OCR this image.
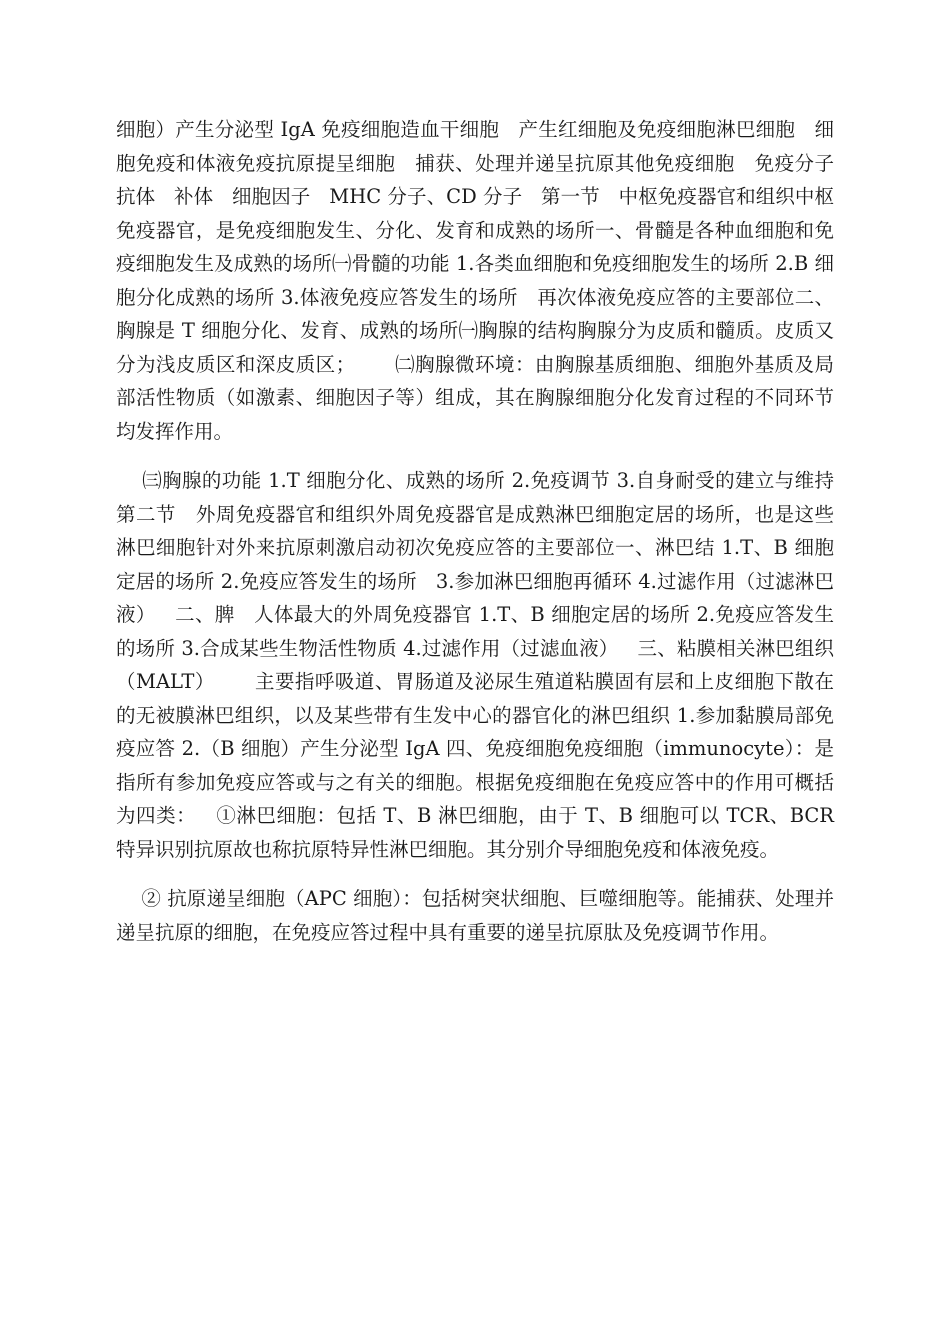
细胞）产生分泌型 IgA 免疫细胞造血干细胞   产生红细胞及免疫细胞淋巴细胞   细胞免疫和体液免疫抗原提呈细胞   捕获、处理并递呈抗原其他免疫细胞   免疫分子抗体   补体   细胞因子   MHC 分子、CD 分子   第一节   中枢免疫器官和组织中枢免疫器官，是免疫细胞发生、分化、发育和成熟的场所一、骨髓是各种血细胞和免疫细胞发生及成熟的场所㈠骨髓的功能 1.各类血细胞和免疫细胞发生的场所 2.B 细胞分化成熟的场所 3.体液免疫应答发生的场所   再次体液免疫应答的主要部位二、胸腺是 T 细胞分化、发育、成熟的场所㈠胸腺的结构胸腺分为皮质和髓质。皮质又分为浅皮质区和深皮质区；      ㈡胸腺微环境：由胸腺基质细胞、细胞外基质及局部活性物质（如激素、细胞因子等）组成，其在胸腺细胞分化发育过程的不同环节均发挥作用。

㈢胸腺的功能 1.T 细胞分化、成熟的场所 2.免疫调节 3.自身耐受的建立与维持第二节   外周免疫器官和组织外周免疫器官是成熟淋巴细胞定居的场所，也是这些淋巴细胞针对外来抗原刺激启动初次免疫应答的主要部位一、淋巴结 1.T、B 细胞定居的场所 2.免疫应答发生的场所   3.参加淋巴细胞再循环 4.过滤作用（过滤淋巴液）   二、脾   人体最大的外周免疫器官 1.T、B 细胞定居的场所 2.免疫应答发生的场所 3.合成某些生物活性物质 4.过滤作用（过滤血液）   三、粘膜相关淋巴组织（MALT）      主要指呼吸道、胃肠道及泌尿生殖道粘膜固有层和上皮细胞下散在的无被膜淋巴组织，以及某些带有生发中心的器官化的淋巴组织 1.参加黏膜局部免疫应答 2.（B 细胞）产生分泌型 IgA 四、免疫细胞免疫细胞（immunocyte）：是指所有参加免疫应答或与之有关的细胞。根据免疫细胞在免疫应答中的作用可概括为四类：   ①淋巴细胞：包括 T、B 淋巴细胞，由于 T、B 细胞可以 TCR、BCR 特异识别抗原故也称抗原特异性淋巴细胞。其分别介导细胞免疫和体液免疫。

② 抗原递呈细胞（APC 细胞）：包括树突状细胞、巨噬细胞等。能捕获、处理并递呈抗原的细胞，在免疫应答过程中具有重要的递呈抗原肽及免疫调节作用。
